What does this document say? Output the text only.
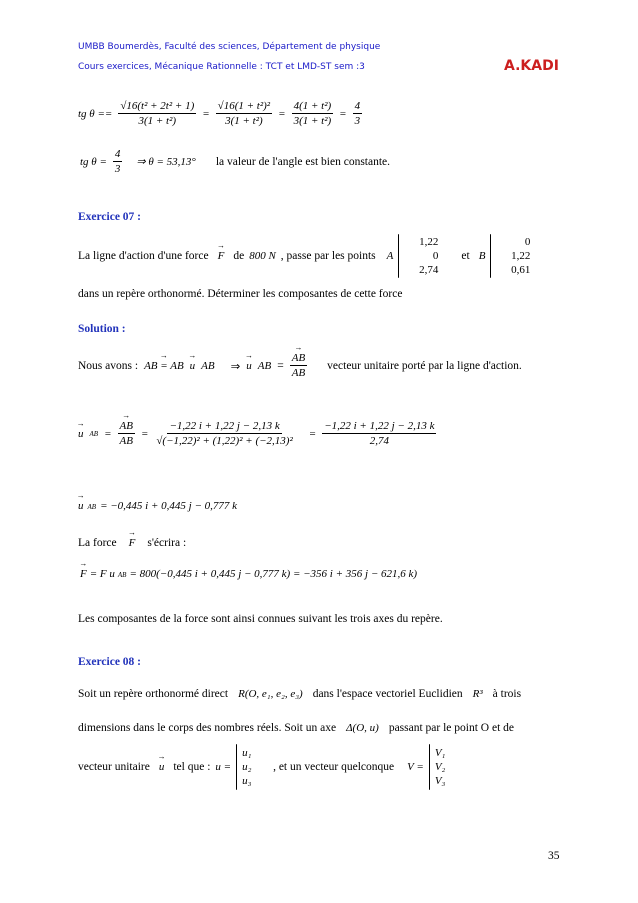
UMBB Boumerdès, Faculté des sciences, Département de physique
Cours exercices, Mécanique Rationnelle : TCT et LMD-ST sem :3	A.KADI
tg $\theta == \frac{\text{√16(t² + 2t² + 1)}}{\text{3(1 + t²)}} = \frac{\text{√16(1 + t²)²}}{\text{3(1 + t²)}} = \frac{\text{4(1 + t²)}}{\text{3(1 + t²)}} = \frac{4}{3}$
tg $\theta = \frac{4}{3}$ ⇒ θ = 53,13° la valeur de l'angle est bien constante.
Exercice 07 :
La ligne d'action d'une force → F de 800 N , passe par les points A
1,22
0
2,74
et B
0
1,22
0,61
dans un repère orthonormé. Déterminer les composantes de cette force
Solution :
Nous avons : → AB = AB → u AB ⇒ → u AB = → $\frac{AB}{AB}$ vecteur unitaire porté par la ligne d'action.
→ u AB = → $\frac{AB}{AB} = \frac{-1,22 i + 1,22 j - 2,13 k}{\text{√(−1,22)² + (1,22)² + (−2,13)²}} = \frac{-1,22 i + 1,22 j - 2,13 k}{2,74}$
→ u AB = −0,445 i + 0,445 j − 0,777 k
La force → F s'écrira :
→ F = F u AB = 800(−0,445 i + 0,445 j − 0,777 k) = −356 i + 356 j − 621,6 k)
Les composantes de la force sont ainsi connues suivant les trois axes du repère.
Exercice 08 :
Soit un repère orthonormé direct R(O, e₁, e₂, e₃) dans l'espace vectoriel Euclidien R³ à trois
dimensions dans le corps des nombres réels. Soit un axe Δ(O, u) passant par le point O et de
vecteur unitaire → u tel que : u =
u₁
u₂
u₃
, et un vecteur quelconque V =
V₁
V₂
V₃
35
